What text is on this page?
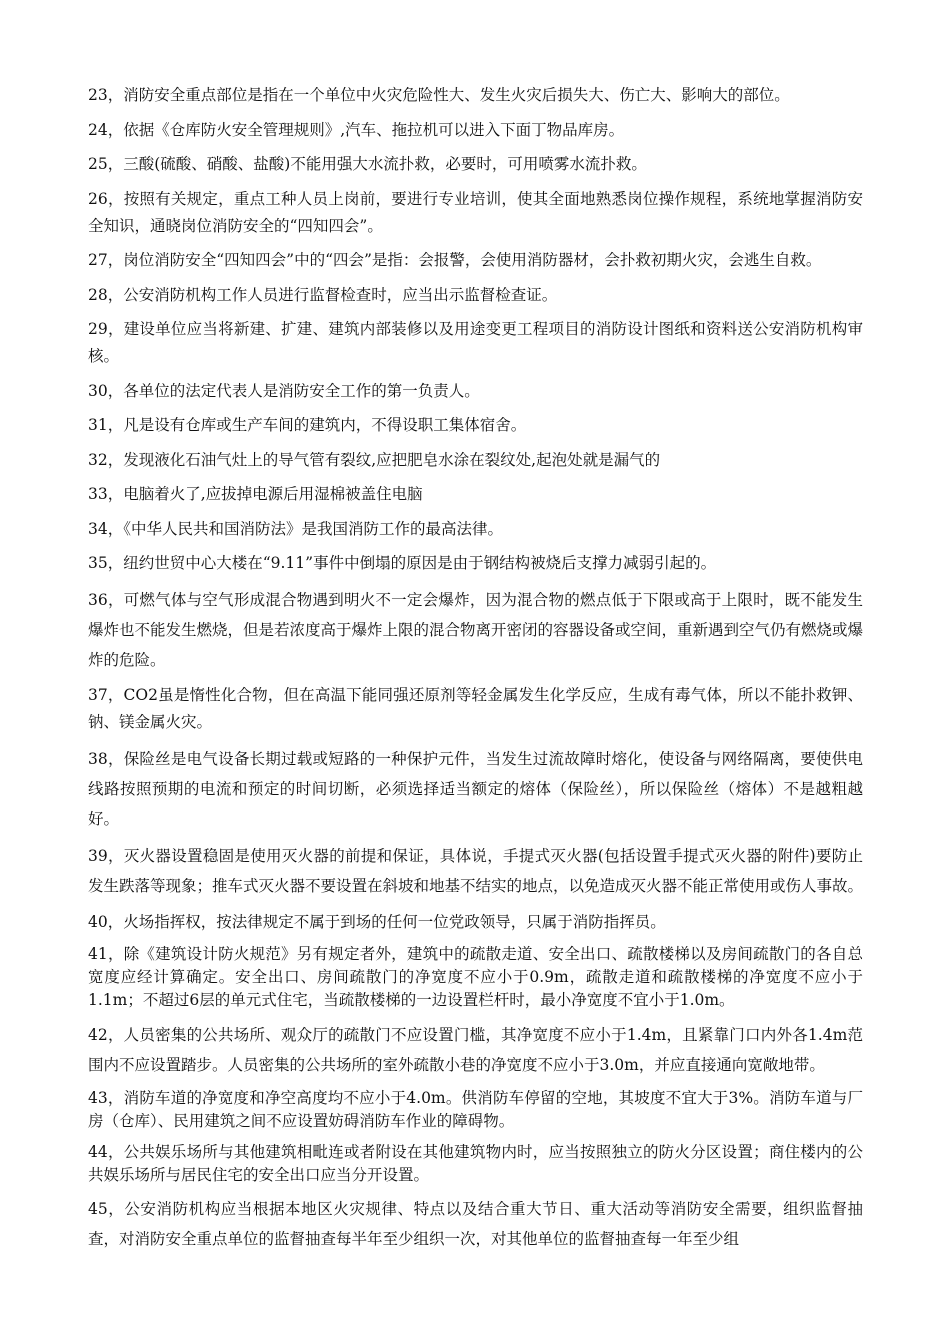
23，消防安全重点部位是指在一个单位中火灾危险性大、发生火灾后损失大、伤亡大、影响大的部位。

24，依据《仓库防火安全管理规则》,汽车、拖拉机可以进入下面丁物品库房。

25，三酸(硫酸、硝酸、盐酸)不能用强大水流扑救，必要时，可用喷雾水流扑救。

26，按照有关规定，重点工种人员上岗前，要进行专业培训，使其全面地熟悉岗位操作规程，系统地掌握消防安全知识，通晓岗位消防安全的“四知四会”。

27，岗位消防安全“四知四会”中的“四会”是指：会报警，会使用消防器材，会扑救初期火灾，会逃生自救。

28，公安消防机构工作人员进行监督检查时，应当出示监督检查证。

29，建设单位应当将新建、扩建、建筑内部装修以及用途变更工程项目的消防设计图纸和资料送公安消防机构审核。

30，各单位的法定代表人是消防安全工作的第一负责人。

31，凡是设有仓库或生产车间的建筑内，不得设职工集体宿舍。

32，发现液化石油气灶上的导气管有裂纹,应把肥皂水涂在裂纹处,起泡处就是漏气的

33，电脑着火了,应拔掉电源后用湿棉被盖住电脑

34，《中华人民共和国消防法》是我国消防工作的最高法律。

35，纽约世贸中心大楼在“9.11”事件中倒塌的原因是由于钢结构被烧后支撑力减弱引起的。

36，可燃气体与空气形成混合物遇到明火不一定会爆炸，因为混合物的燃点低于下限或高于上限时，既不能发生爆炸也不能发生燃烧，但是若浓度高于爆炸上限的混合物离开密闭的容器设备或空间，重新遇到空气仍有燃烧或爆炸的危险。

37，CO2虽是惰性化合物，但在高温下能同强还原剂等轻金属发生化学反应，生成有毒气体，所以不能扑救钾、钠、镁金属火灾。

38，保险丝是电气设备长期过载或短路的一种保护元件，当发生过流故障时熔化，使设备与网络隔离，要使供电线路按照预期的电流和预定的时间切断，必须选择适当额定的熔体（保险丝），所以保险丝（熔体）不是越粗越好。

39，灭火器设置稳固是使用灭火器的前提和保证，具体说，手提式灭火器(包括设置手提式灭火器的附件)要防止发生跌落等现象；推车式灭火器不要设置在斜坡和地基不结实的地点，以免造成灭火器不能正常使用或伤人事故。

40，火场指挥权，按法律规定不属于到场的任何一位党政领导，只属于消防指挥员。

41，除《建筑设计防火规范》另有规定者外，建筑中的疏散走道、安全出口、疏散楼梯以及房间疏散门的各自总宽度应经计算确定。安全出口、房间疏散门的净宽度不应小于0.9m，疏散走道和疏散楼梯的净宽度不应小于1.1m；不超过6层的单元式住宅，当疏散楼梯的一边设置栏杆时，最小净宽度不宜小于1.0m。

42，人员密集的公共场所、观众厅的疏散门不应设置门槛，其净宽度不应小于1.4m，且紧靠门口内外各1.4m范围内不应设置踏步。人员密集的公共场所的室外疏散小巷的净宽度不应小于3.0m，并应直接通向宽敞地带。

43，消防车道的净宽度和净空高度均不应小于4.0m。供消防车停留的空地，其坡度不宜大于3%。消防车道与厂房（仓库）、民用建筑之间不应设置妨碍消防车作业的障碍物。

44，公共娱乐场所与其他建筑相毗连或者附设在其他建筑物内时，应当按照独立的防火分区设置；商住楼内的公共娱乐场所与居民住宅的安全出口应当分开设置。

45，公安消防机构应当根据本地区火灾规律、特点以及结合重大节日、重大活动等消防安全需要，组织监督抽查，对消防安全重点单位的监督抽查每半年至少组织一次，对其他单位的监督抽查每一年至少组
